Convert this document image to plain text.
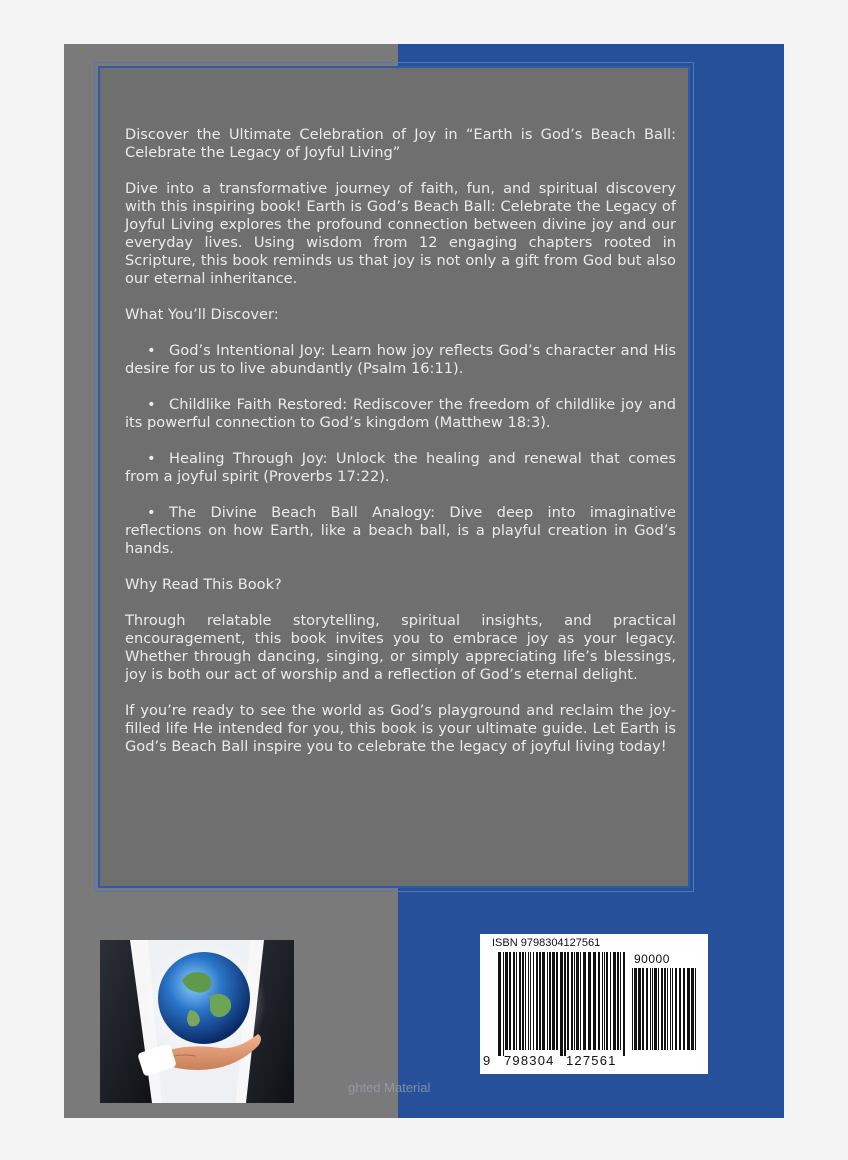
Discover the Ultimate Celebration of Joy in “Earth is God’s Beach Ball: Celebrate the Legacy of Joyful Living”

Dive into a transformative journey of faith, fun, and spiritual discovery with this inspiring book! Earth is God’s Beach Ball: Celebrate the Legacy of Joyful Living explores the profound connection between divine joy and our everyday lives. Using wisdom from 12 engaging chapters rooted in Scripture, this book reminds us that joy is not only a gift from God but also our eternal inheritance.

What You’ll Discover:

• God’s Intentional Joy: Learn how joy reflects God’s character and His desire for us to live abundantly (Psalm 16:11).

• Childlike Faith Restored: Rediscover the freedom of childlike joy and its powerful connection to God’s kingdom (Matthew 18:3).

• Healing Through Joy: Unlock the healing and renewal that comes from a joyful spirit (Proverbs 17:22).

• The Divine Beach Ball Analogy: Dive deep into imaginative reflections on how Earth, like a beach ball, is a playful creation in God’s hands.

Why Read This Book?

Through relatable storytelling, spiritual insights, and practical encouragement, this book invites you to embrace joy as your legacy. Whether through dancing, singing, or simply appreciating life’s blessings, joy is both our act of worship and a reflection of God’s eternal delight.

If you’re ready to see the world as God’s playground and reclaim the joy-filled life He intended for you, this book is your ultimate guide. Let Earth is God’s Beach Ball inspire you to celebrate the legacy of joyful living today!

ISBN 9798304127561
90000
9 798304 127561
ghted Material
